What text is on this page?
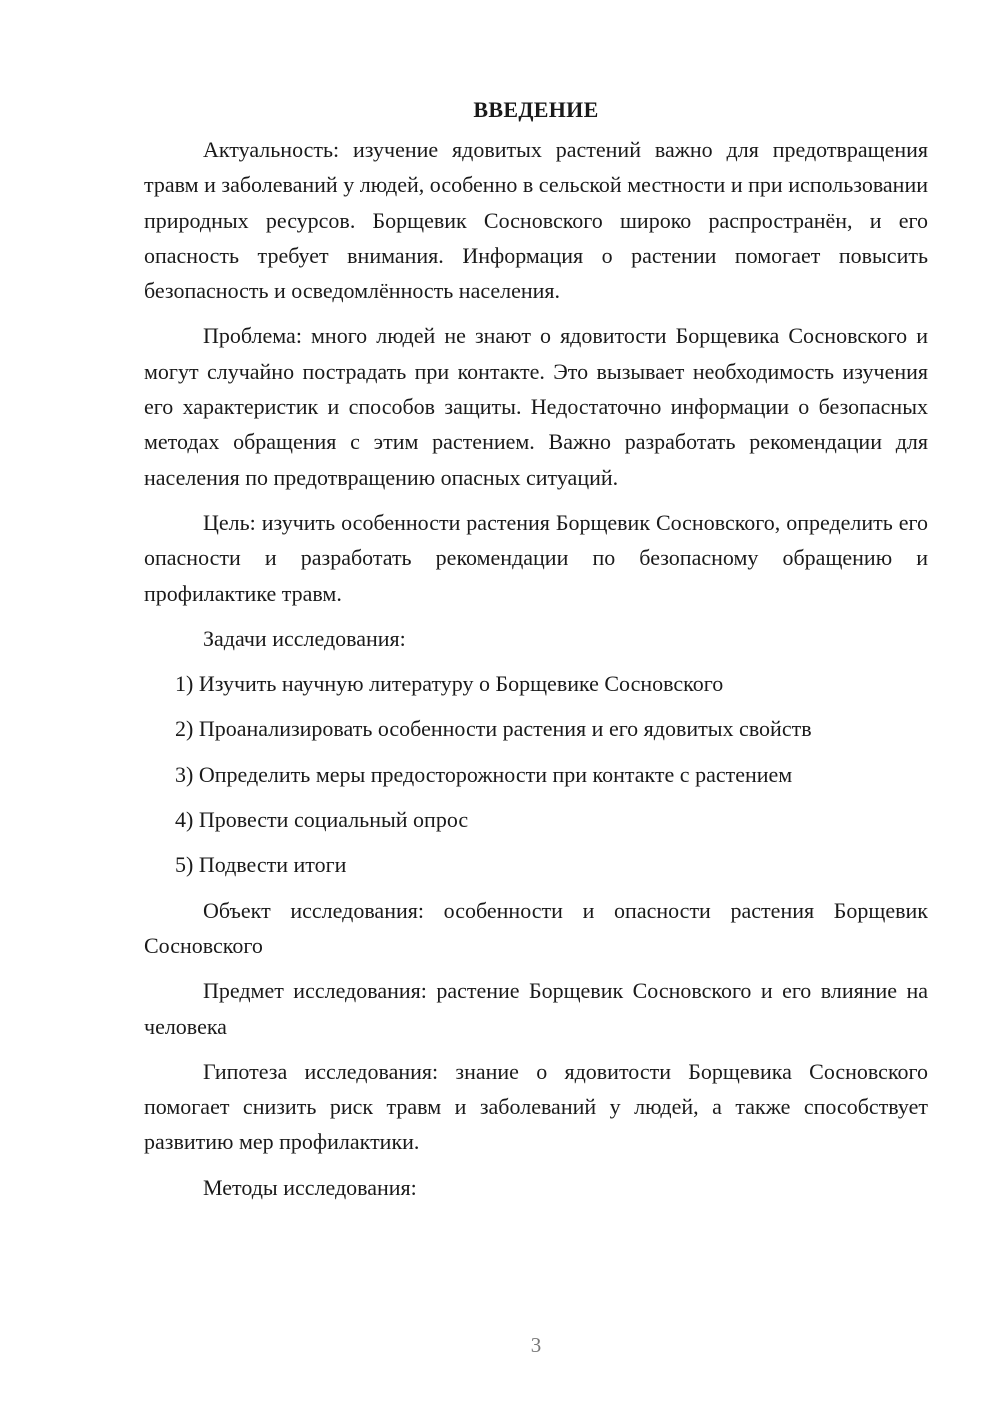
ВВЕДЕНИЕ

Актуальность: изучение ядовитых растений важно для предотвращения травм и заболеваний у людей, особенно в сельской местности и при использовании природных ресурсов. Борщевик Сосновского широко распространён, и его опасность требует внимания. Информация о растении помогает повысить безопасность и осведомлённость населения.

Проблема: много людей не знают о ядовитости Борщевика Сосновского и могут случайно пострадать при контакте. Это вызывает необходимость изучения его характеристик и способов защиты. Недостаточно информации о безопасных методах обращения с этим растением. Важно разработать рекомендации для населения по предотвращению опасных ситуаций.

Цель: изучить особенности растения Борщевик Сосновского, определить его опасности и разработать рекомендации по безопасному обращению и профилактике травм.

Задачи исследования:

1) Изучить научную литературу о Борщевике Сосновского
2) Проанализировать особенности растения и его ядовитых свойств
3) Определить меры предосторожности при контакте с растением
4) Провести социальный опрос
5) Подвести итоги

Объект исследования: особенности и опасности растения Борщевик Сосновского

Предмет исследования: растение Борщевик Сосновского и его влияние на человека

Гипотеза исследования: знание о ядовитости Борщевика Сосновского помогает снизить риск травм и заболеваний у людей, а также способствует развитию мер профилактики.

Методы исследования:

3
